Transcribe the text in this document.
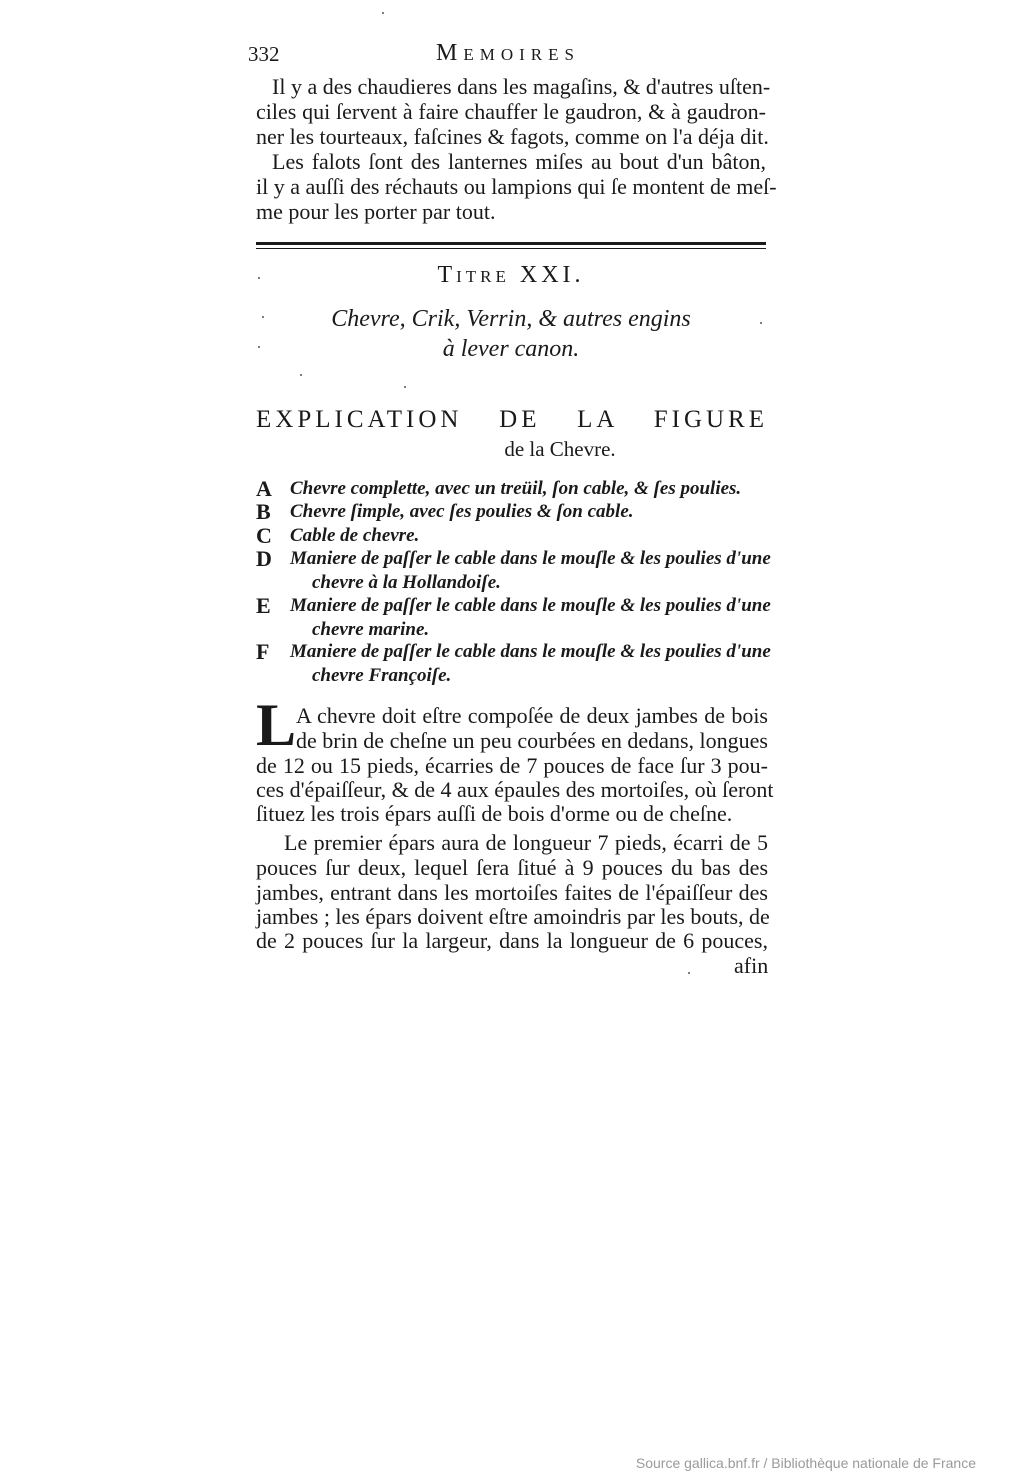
332	Memoires
Il y a des chaudieres dans les magaſins, & d'autres uſten-
ciles qui ſervent à faire chauffer le gaudron, & à gaudron-
ner les tourteaux, faſcines & fagots, comme on l'a déja dit.
Les falots ſont des lanternes miſes au bout d'un bâton,
il y a auſſi des réchauts ou lampions qui ſe montent de meſ-
me pour les porter par tout.
Titre XXI.
Chevre, Crik, Verrin, & autres engins
à lever canon.
EXPLICATION DE LA FIGURE
de la Chevre.
A Chevre complette, avec un treüil, ſon cable, & ſes poulies.
B	Chevre ſimple, avec ſes poulies & ſon cable.
C Cable de chevre.
D Maniere de paſſer le cable dans le mouſle & les poulies d'une
chevre à la Hollandoiſe.
E	Maniere de paſſer le cable dans le mouſle & les poulies d'une
chevre marine.
F	Maniere de paſſer le cable dans le mouſle & les poulies d'une
chevre Françoiſe.
L A chevre doit eſtre compoſée de deux jambes de bois
de brin de cheſne un peu courbées en dedans, longues
de 12 ou 15 pieds, écarries de 7 pouces de face ſur 3 pou-
ces d'épaiſſeur, & de 4 aux épaules des mortoiſes, où ſeront
ſituez les trois épars auſſi de bois d'orme ou de cheſne.
Le premier épars aura de longueur 7 pieds, écarri de 5
pouces ſur deux, lequel ſera ſitué à 9 pouces du bas des
jambes, entrant dans les mortoiſes faites de l'épaiſſeur des
jambes ; les épars doivent eſtre amoindris par les bouts, de
de 2 pouces ſur la largeur, dans la longueur de 6 pouces,
afin
Source gallica.bnf.fr / Bibliothèque nationale de France
